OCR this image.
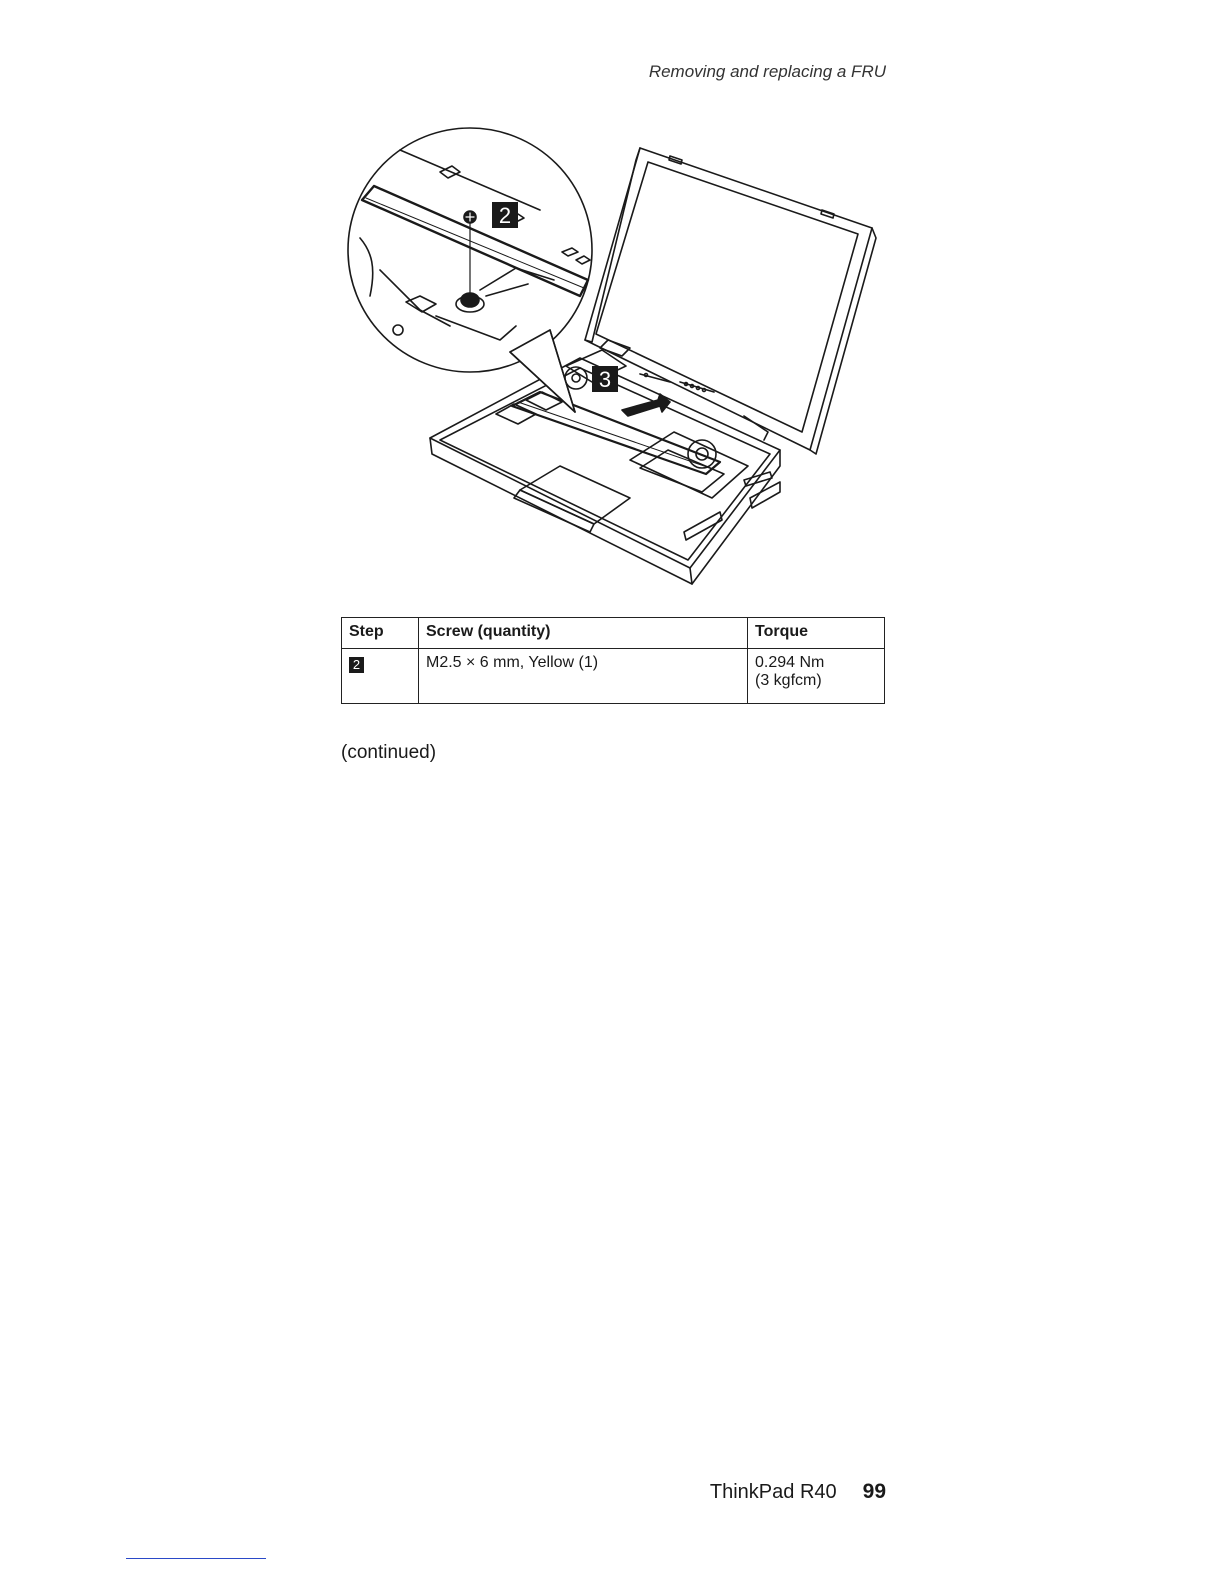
Removing and replacing a FRU
2
3
Step	Screw (quantity)	Torque
2	M2.5 × 6 mm, Yellow (1)	0.294 Nm
(3 kgfcm)
(continued)
ThinkPad R40 99
